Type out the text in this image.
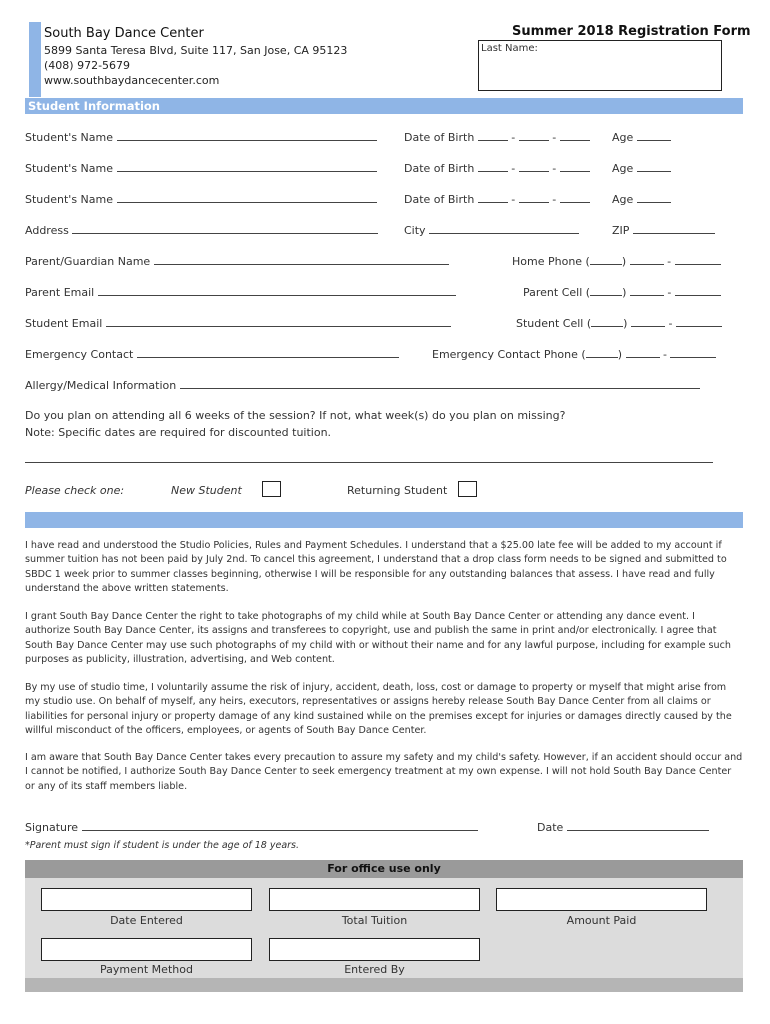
South Bay Dance Center
5899 Santa Teresa Blvd, Suite 117, San Jose, CA 95123
(408) 972-5679
www.southbaydancecenter.com
Summer 2018 Registration Form
Last Name:
Student Information
Student's Name	Date of Birth	-	-	Age
Student's Name	Date of Birth	-	-	Age
Student's Name	Date of Birth	-	-	Age
Address	City	ZIP
Parent/Guardian Name	Home Phone (	)	-
Parent Email	Parent Cell (	)	-
Student Email	Student Cell (	)	-
Emergency Contact	Emergency Contact Phone (	)	-
Allergy/Medical Information
Do you plan on attending all 6 weeks of the session? If not, what week(s) do you plan on missing?
Note: Specific dates are required for discounted tuition.
Please check one:	New Student	Returning Student
I have read and understood the Studio Policies, Rules and Payment Schedules. I understand that a $25.00 late fee will be added to my account if summer tuition has not been paid by July 2nd. To cancel this agreement, I understand that a drop class form needs to be signed and submitted to SBDC 1 week prior to summer classes beginning, otherwise I will be responsible for any outstanding balances that assess. I have read and fully understand the above written statements.
I grant South Bay Dance Center the right to take photographs of my child while at South Bay Dance Center or attending any dance event. I authorize South Bay Dance Center, its assigns and transferees to copyright, use and publish the same in print and/or electronically. I agree that South Bay Dance Center may use such photographs of my child with or without their name and for any lawful purpose, including for example such purposes as publicity, illustration, advertising, and Web content.
By my use of studio time, I voluntarily assume the risk of injury, accident, death, loss, cost or damage to property or myself that might arise from my studio use. On behalf of myself, any heirs, executors, representatives or assigns hereby release South Bay Dance Center from all claims or liabilities for personal injury or property damage of any kind sustained while on the premises except for injuries or damages directly caused by the willful misconduct of the officers, employees, or agents of South Bay Dance Center.
I am aware that South Bay Dance Center takes every precaution to assure my safety and my child's safety. However, if an accident should occur and I cannot be notified, I authorize South Bay Dance Center to seek emergency treatment at my own expense. I will not hold South Bay Dance Center or any of its staff members liable.
Signature	Date
*Parent must sign if student is under the age of 18 years.
For office use only
Date Entered	Total Tuition	Amount Paid
Payment Method	Entered By
